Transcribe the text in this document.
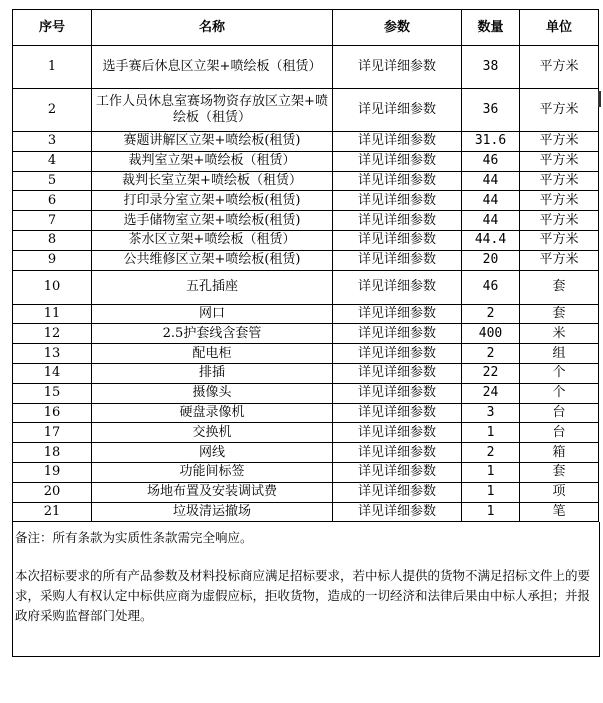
序号	名称	参数	数量	单位
1	选手赛后休息区立架+喷绘板（租赁）	详见详细参数	38	平方米
2	工作人员休息室赛场物资存放区立架+喷绘板（租赁）	详见详细参数	36	平方米
3	赛题讲解区立架+喷绘板(租赁)	详见详细参数	31.6	平方米
4	裁判室立架+喷绘板（租赁）	详见详细参数	46	平方米
5	裁判长室立架+喷绘板（租赁）	详见详细参数	44	平方米
6	打印录分室立架+喷绘板(租赁)	详见详细参数	44	平方米
7	选手储物室立架+喷绘板(租赁)	详见详细参数	44	平方米
8	茶水区立架+喷绘板（租赁）	详见详细参数	44.4	平方米
9	公共维修区立架+喷绘板(租赁)	详见详细参数	20	平方米
10	五孔插座	详见详细参数	46	套
11	网口	详见详细参数	2	套
12	2.5护套线含套管	详见详细参数	400	米
13	配电柜	详见详细参数	2	组
14	排插	详见详细参数	22	个
15	摄像头	详见详细参数	24	个
16	硬盘录像机	详见详细参数	3	台
17	交换机	详见详细参数	1	台
18	网线	详见详细参数	2	箱
19	功能间标签	详见详细参数	1	套
20	场地布置及安装调试费	详见详细参数	1	项
21	垃圾清运撤场	详见详细参数	1	笔

备注：所有条款为实质性条款需完全响应。

本次招标要求的所有产品参数及材料投标商应满足招标要求，若中标人提供的货物不满足招标文件上的要求，采购人有权认定中标供应商为虚假应标，拒收货物，造成的一切经济和法律后果由中标人承担；并报政府采购监督部门处理。
